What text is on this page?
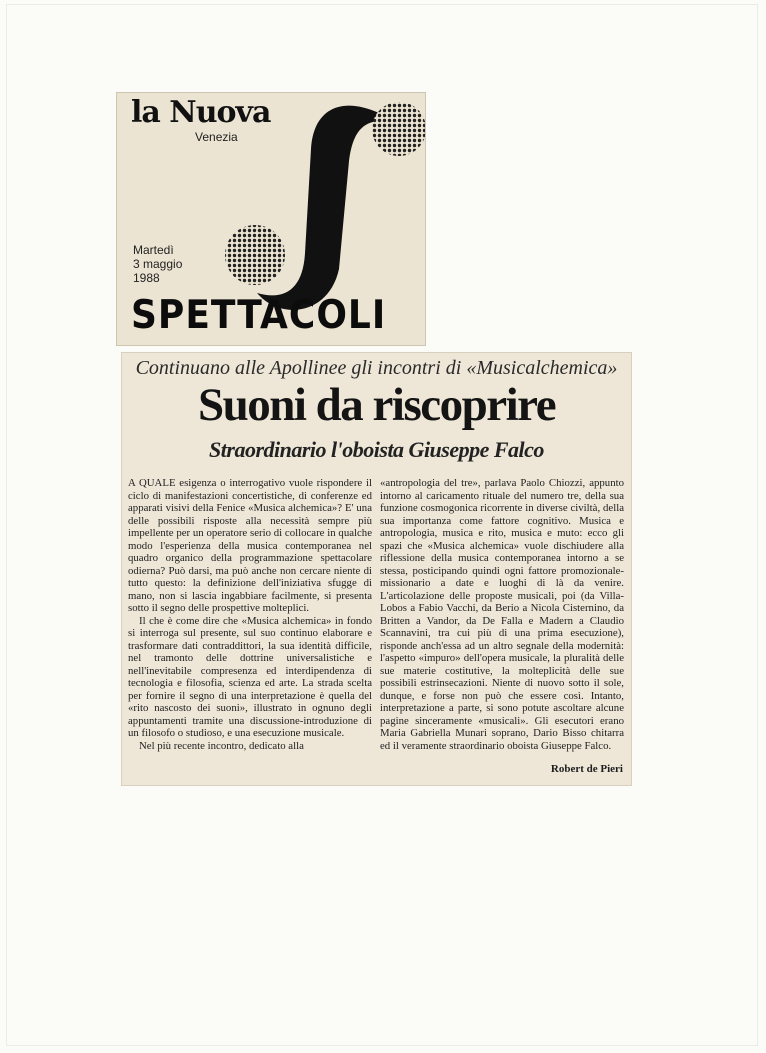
la Nuova
Venezia
Martedì
3 maggio
1988
SPETTACOLI
Continuano alle Apollinee gli incontri di «Musicalchemica»
Suoni da riscoprire
Straordinario l'oboista Giuseppe Falco

A QUALE esigenza o interrogativo vuole rispondere il ciclo di manifestazioni concertistiche, di conferenze ed apparati visivi della Fenice «Musica alchemica»? E' una delle possibili risposte alla necessità sempre più impellente per un operatore serio di collocare in qualche modo l'esperienza della musica contemporanea nel quadro organico della programmazione spettacolare odierna? Può darsi, ma può anche non cercare niente di tutto questo: la definizione dell'iniziativa sfugge di mano, non si lascia ingabbiare facilmente, si presenta sotto il segno delle prospettive molteplici.

Il che è come dire che «Musica alchemica» in fondo si interroga sul presente, sul suo continuo elaborare e trasformare dati contraddittori, la sua identità difficile, nel tramonto delle dottrine universalistiche e nell'inevitabile compresenza ed interdipendenza di tecnologia e filosofia, scienza ed arte. La strada scelta per fornire il segno di una interpretazione è quella del «rito nascosto dei suoni», illustrato in ognuno degli appuntamenti tramite una discussione-introduzione di un filosofo o studioso, e una esecuzione musicale.

Nel più recente incontro, dedicato alla

«antropologia del tre», parlava Paolo Chiozzi, appunto intorno al caricamento rituale del numero tre, della sua funzione cosmogonica ricorrente in diverse civiltà, della sua importanza come fattore cognitivo. Musica e antropologia, musica e rito, musica e muto: ecco gli spazi che «Musica alchemica» vuole dischiudere alla riflessione della musica contemporanea intorno a se stessa, posticipando quindi ogni fattore promozionale-missionario a date e luoghi di là da venire. L'articolazione delle proposte musicali, poi (da Villa-Lobos a Fabio Vacchi, da Berio a Nicola Cisternino, da Britten a Vandor, da De Falla e Madern a Claudio Scannavini, tra cui più di una prima esecuzione), risponde anch'essa ad un altro segnale della modernità: l'aspetto «impuro» dell'opera musicale, la pluralità delle sue materie costitutive, la molteplicità delle sue possibili estrinsecazioni. Niente di nuovo sotto il sole, dunque, e forse non può che essere così. Intanto, interpretazione a parte, si sono potute ascoltare alcune pagine sinceramente «musicali». Gli esecutori erano Maria Gabriella Munari soprano, Dario Bisso chitarra ed il veramente straordinario oboista Giuseppe Falco.

Robert de Pieri
